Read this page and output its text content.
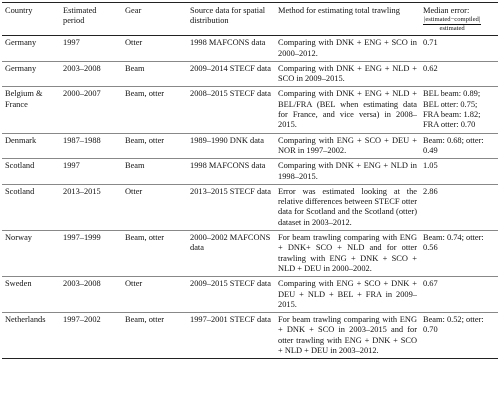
Country	Estimated period	Gear	Source data for spatial distribution	Method for estimating total trawling	Median error:

$\frac{\text{|estimated−compiled|}}{\text{estimated}}$

Germany	1997	Otter	1998 MAFCONS data	Comparing with DNK + ENG + SCO in 2000–2012.	0.71
Germany	2003–2008	Beam	2009–2014 STECF data	Comparing with DNK + ENG + NLD + SCO in 2009–2015.	0.62
Belgium & France	2000–2007	Beam, otter	2008–2015 STECF data	Comparing with DNK + ENG + NLD + BEL/FRA (BEL when estimating data for France, and vice versa) in 2008–2015.	BEL beam: 0.89; BEL otter: 0.75; FRA beam: 1.82; FRA otter: 0.70
Denmark	1987–1988	Beam, otter	1989–1990 DNK data	Comparing with ENG + SCO + DEU + NOR in 1997–2002.	Beam: 0.68; otter: 0.49
Scotland	1997	Beam	1998 MAFCONS data	Comparing with DNK + ENG + NLD in 1998–2015.	1.05
Scotland	2013–2015	Otter	2013–2015 STECF data	Error was estimated looking at the relative differences between STECF otter data for Scotland and the Scotland (otter) dataset in 2003–2012.	2.86
Norway	1997–1999	Beam, otter	2000–2002 MAFCONS data	For beam trawling comparing with ENG + DNK+ SCO + NLD and for otter trawling with ENG + DNK + SCO + NLD + DEU in 2000–2002.	Beam: 0.74; otter: 0.56
Sweden	2003–2008	Otter	2009–2015 STECF data	Comparing with ENG + SCO + DNK + DEU + NLD + BEL + FRA in 2009–2015.	0.67
Netherlands	1997–2002	Beam, otter	1997–2001 STECF data	For beam trawling comparing with ENG + DNK + SCO in 2003–2015 and for otter trawling with ENG + DNK + SCO + NLD + DEU in 2003–2012.	Beam: 0.52; otter: 0.70
